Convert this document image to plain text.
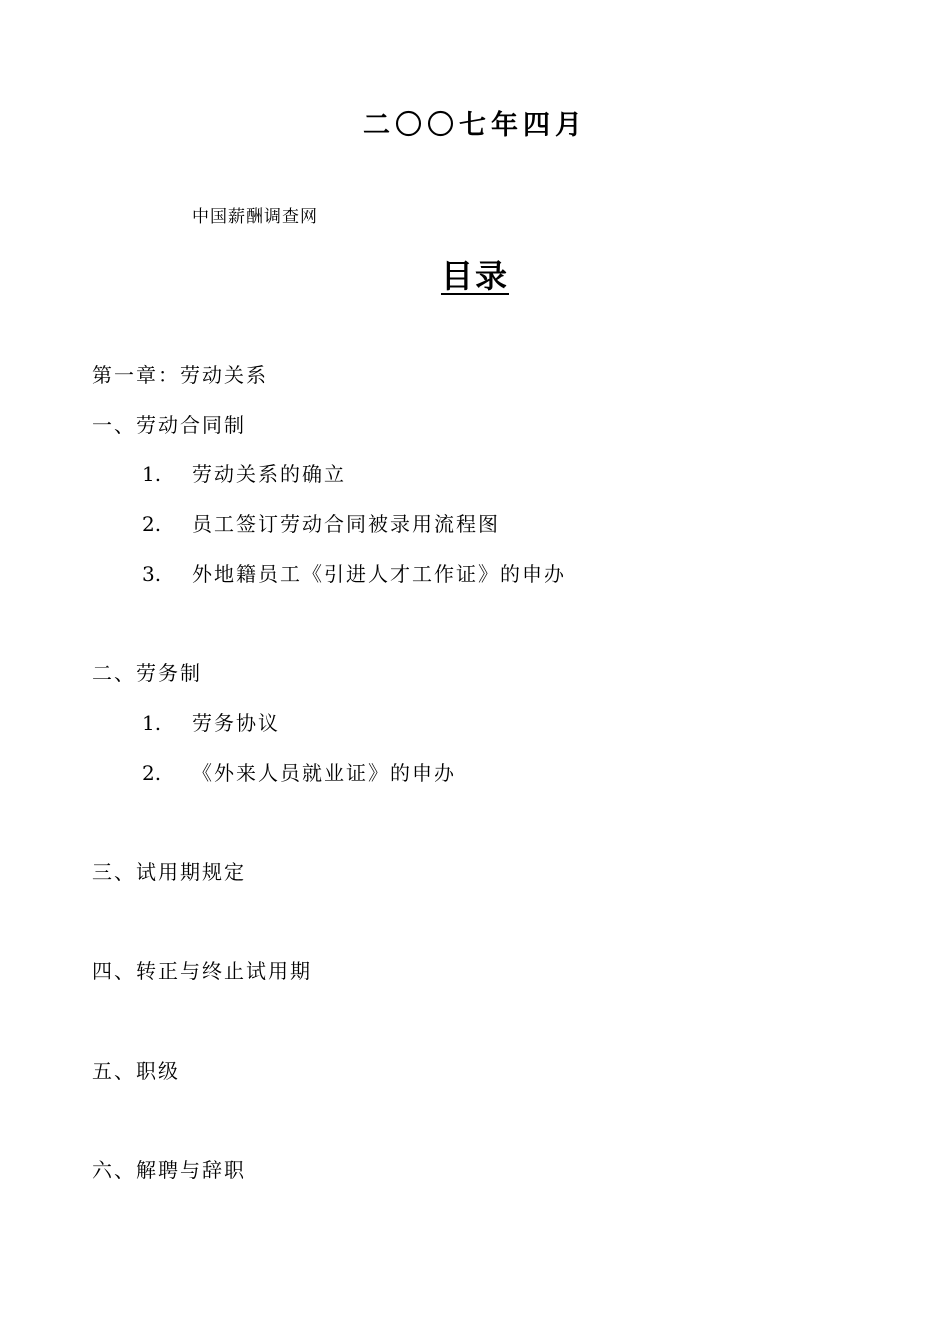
二〇〇七年四月
中国薪酬调查网
目录
第一章：劳动关系
一、劳动合同制
1. 劳动关系的确立
2. 员工签订劳动合同被录用流程图
3. 外地籍员工《引进人才工作证》的申办
二、劳务制
1. 劳务协议
2. 《外来人员就业证》的申办
三、试用期规定
四、转正与终止试用期
五、职级
六、解聘与辞职
